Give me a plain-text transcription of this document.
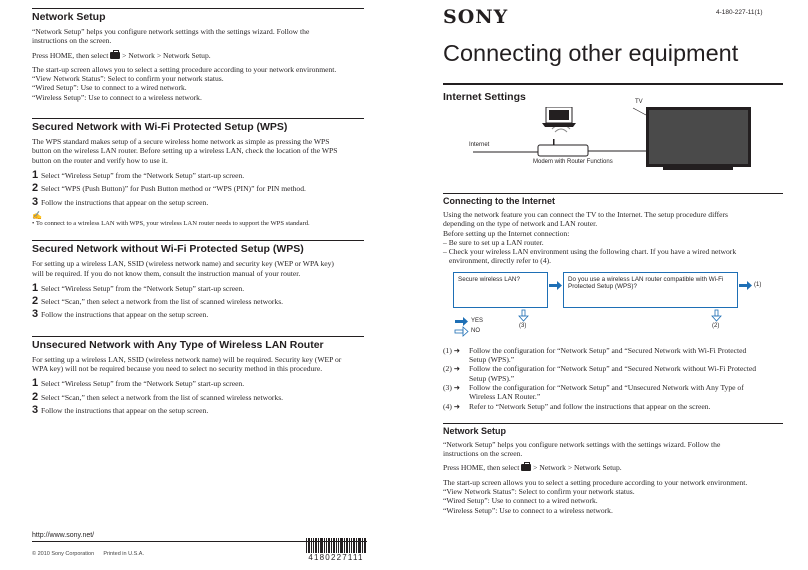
Network Setup

“Network Setup” helps you configure network settings with the settings wizard. Follow the

instructions on the screen.

Press HOME, then select > Network > Network Setup.

The start-up screen allows you to select a setting procedure according to your network environment.

“View Network Status”: Select to confirm your network status.

“Wired Setup”: Use to connect to a wired network.

“Wireless Setup”: Use to connect to a wireless network.

Secured Network with Wi-Fi Protected Setup (WPS)

The WPS standard makes setup of a secure wireless home network as simple as pressing the WPS

button on the wireless LAN router. Before setting up a wireless LAN, check the location of the WPS

button on the router and verify how to use it.

1 Select “Wireless Setup” from the “Network Setup” start-up screen.
2 Select “WPS (Push Button)” for Push Button method or “WPS (PIN)” for PIN method.
3 Follow the instructions that appear on the setup screen.
✍

• To connect to a wireless LAN with WPS, your wireless LAN router needs to support the WPS standard.

Secured Network without Wi-Fi Protected Setup (WPS)

For setting up a wireless LAN, SSID (wireless network name) and security key (WEP or WPA key)

will be required. If you do not know them, consult the instruction manual of your router.

1 Select “Wireless Setup” from the “Network Setup” start-up screen.
2 Select “Scan,” then select a network from the list of scanned wireless networks.
3 Follow the instructions that appear on the setup screen.
Unsecured Network with Any Type of Wireless LAN Router

For setting up a wireless LAN, SSID (wireless network name) will be required. Security key (WEP or

WPA key) will not be required because you need to select no security method in this procedure.

1 Select “Wireless Setup” from the “Network Setup” start-up screen.
2 Select “Scan,” then select a network from the list of scanned wireless networks.
3 Follow the instructions that appear on the setup screen.
http://www.sony.net/
© 2010 Sony Corporation Printed in U.S.A.	4180227111
SONY	4-180-227-11(1)
Connecting other equipment
Internet Settings	TV
Internet
Modem with Router Functions
Connecting to the Internet

Using the network feature you can connect the TV to the Internet. The setup procedure differs

depending on the type of network and LAN router.

Before setting up the Internet connection:

– Be sure to set up a LAN router.

– Check your wireless LAN environment using the following chart. If you have a wired network

environment, directly refer to (4).

Secure wireless LAN?	Do you use a wireless LAN router compatible with Wi-Fi Protected Setup (WPS)?	(1)
(2)
(3)
YES
NO
(1) ➜	Follow the configuration for “Network Setup” and “Secured Network with Wi-Fi Protected
Setup (WPS).”
(2) ➜	Follow the configuration for “Network Setup” and “Secured Network without Wi-Fi Protected
Setup (WPS).”
(3) ➜	Follow the configuration for “Network Setup” and “Unsecured Network with Any Type of
Wireless LAN Router.”
(4) ➜	Refer to “Network Setup” and follow the instructions that appear on the screen.
Network Setup

“Network Setup” helps you configure network settings with the settings wizard. Follow the

instructions on the screen.

Press HOME, then select > Network > Network Setup.

The start-up screen allows you to select a setting procedure according to your network environment.

“View Network Status”: Select to confirm your network status.

“Wired Setup”: Use to connect to a wired network.

“Wireless Setup”: Use to connect to a wireless network.
